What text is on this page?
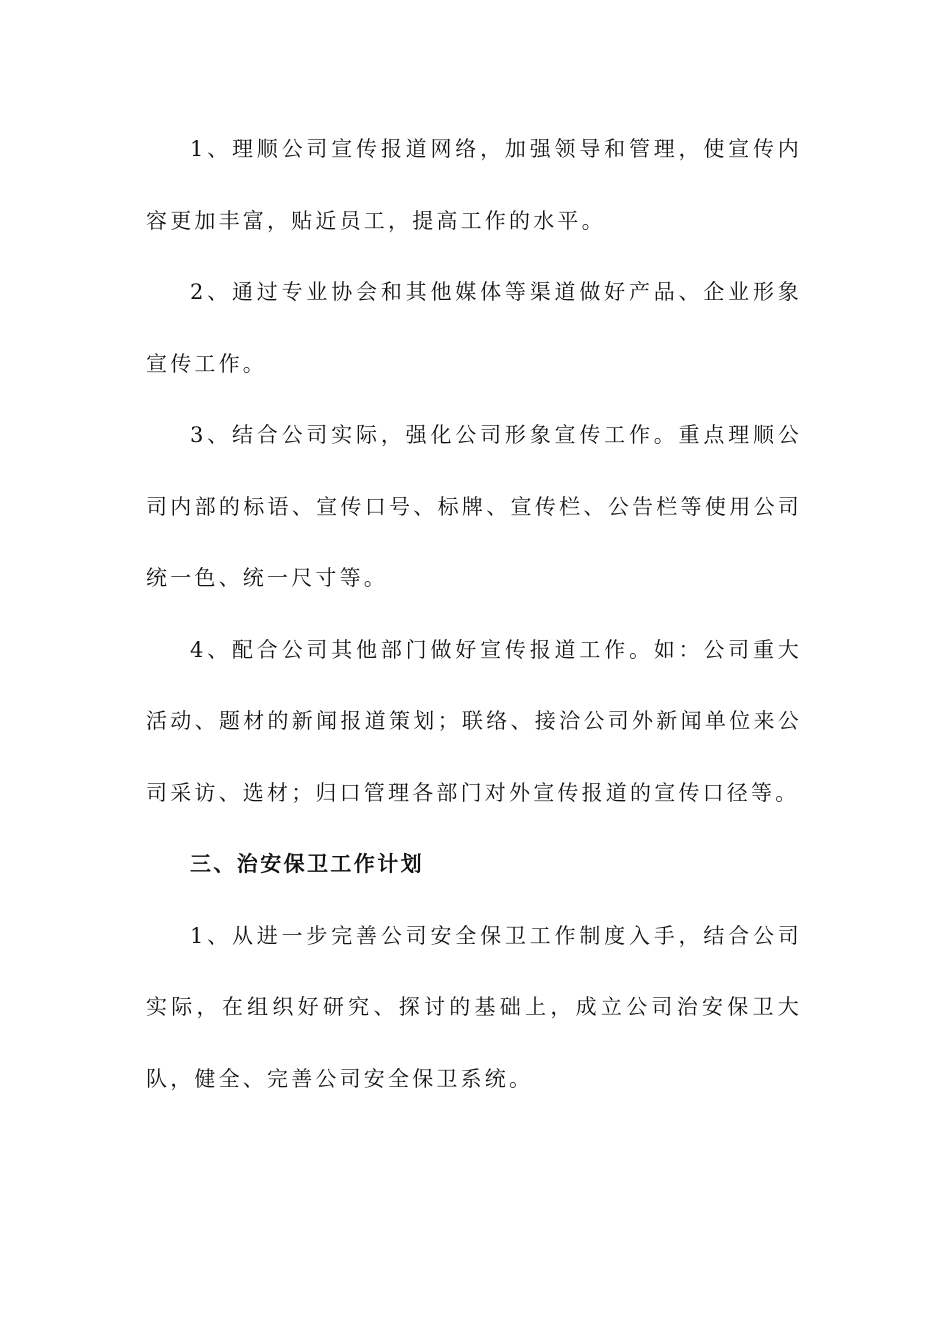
1、理顺公司宣传报道网络，加强领导和管理，使宣传内容更加丰富，贴近员工，提高工作的水平。

2、通过专业协会和其他媒体等渠道做好产品、企业形象宣传工作。

3、结合公司实际，强化公司形象宣传工作。重点理顺公司内部的标语、宣传口号、标牌、宣传栏、公告栏等使用公司统一色、统一尺寸等。

4、配合公司其他部门做好宣传报道工作。如：公司重大活动、题材的新闻报道策划；联络、接洽公司外新闻单位来公司采访、选材；归口管理各部门对外宣传报道的宣传口径等。

三、治安保卫工作计划

1、从进一步完善公司安全保卫工作制度入手，结合公司实际，在组织好研究、探讨的基础上，成立公司治安保卫大队，健全、完善公司安全保卫系统。
